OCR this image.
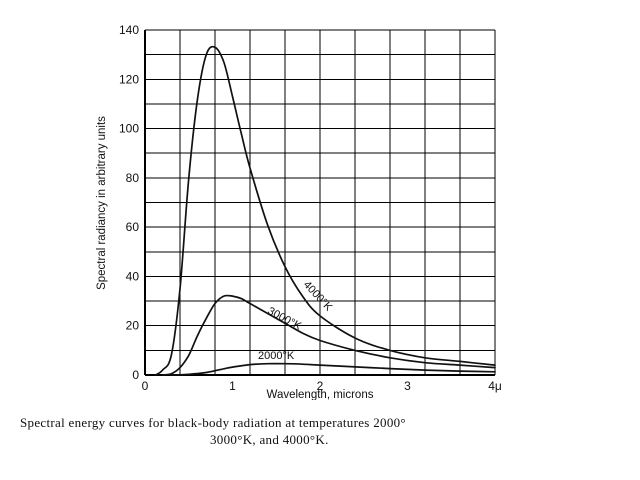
0
20
40
60
80
100
120
140
0	1	2	3	4μ
Wavelength, microns
Spectral radiancy in arbitrary units
4000°K
3000°K
2000°K
Spectral energy curves for black-body radiation at temperatures 2000°
3000°K, and 4000°K.
